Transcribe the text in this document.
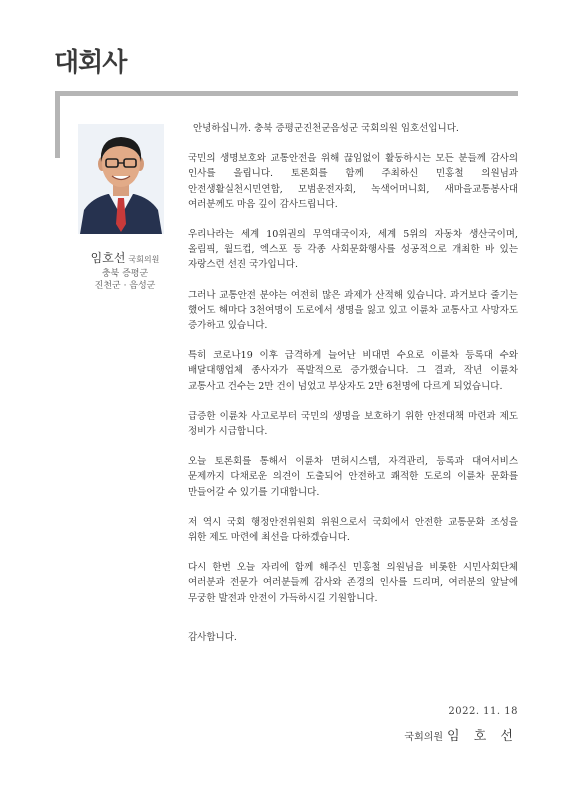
대회사
임호선 국회의원
충북 증평군
진천군 · 음성군

안녕하십니까. 충북 증평군진천군음성군 국회의원 임호선입니다.

국민의 생명보호와 교통안전을 위해 끊임없이 활동하시는 모든 분들께 감사의 인사를 올립니다. 토론회를 함께 주최하신 민홍철 의원님과 안전생활실천시민연합, 모범운전자회, 녹색어머니회, 새마을교통봉사대 여러분께도 마음 깊이 감사드립니다.

우리나라는 세계 10위권의 무역대국이자, 세계 5위의 자동차 생산국이며, 올림픽, 월드컵, 엑스포 등 각종 사회문화행사를 성공적으로 개최한 바 있는 자랑스런 선진 국가입니다.

그러나 교통안전 분야는 여전히 많은 과제가 산적해 있습니다. 과거보다 줄기는 했어도 해마다 3천여명이 도로에서 생명을 잃고 있고 이륜차 교통사고 사망자도 증가하고 있습니다.

특히 코로나19 이후 급격하게 늘어난 비대면 수요로 이륜차 등록대 수와 배달대행업체 종사자가 폭발적으로 증가했습니다. 그 결과, 작년 이륜차 교통사고 건수는 2만 건이 넘었고 부상자도 2만 6천명에 다르게 되었습니다.

급증한 이륜차 사고로부터 국민의 생명을 보호하기 위한 안전대책 마련과 제도 정비가 시급합니다.

오늘 토론회를 통해서 이륜차 면허시스템, 자격관리, 등록과 대여서비스 문제까지 다채로운 의견이 도출되어 안전하고 쾌적한 도로의 이륜차 문화를 만들어갈 수 있기를 기대합니다.

저 역시 국회 행정안전위원회 위원으로서 국회에서 안전한 교통문화 조성을 위한 제도 마련에 최선을 다하겠습니다.

다시 한번 오늘 자리에 함께 해주신 민홍철 의원님을 비롯한 시민사회단체 여러분과 전문가 여러분들께 감사와 존경의 인사를 드리며, 여러분의 앞날에 무궁한 발전과 안전이 가득하시길 기원합니다.

감사합니다.

2022. 11. 18
국회의원 임 호 선
